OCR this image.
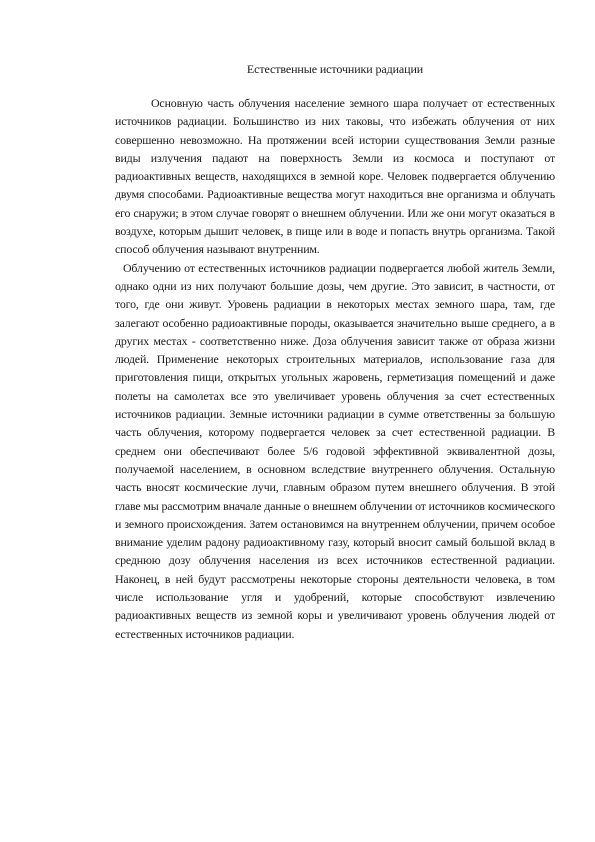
Естественные источники радиации

Основную часть облучения население земного шара получает от естественных источников радиации. Большинство из них таковы, что избежать облучения от них совершенно невозможно. На протяжении всей истории существования Земли разные виды излучения падают на поверхность Земли из космоса и поступают от радиоактивных веществ, находящихся в земной коре. Человек подвергается облучению двумя способами. Радиоактивные вещества могут находиться вне организма и облучать его снаружи; в этом случае говорят о внешнем облучении. Или же они могут оказаться в воздухе, которым дышит человек, в пище или в воде и попасть внутрь организма. Такой способ облучения называют внутренним.

Облучению от естественных источников радиации подвергается любой житель Земли, однако одни из них получают большие дозы, чем другие. Это зависит, в частности, от того, где они живут. Уровень радиации в некоторых местах земного шара, там, где залегают особенно радиоактивные породы, оказывается значительно выше среднего, а в других местах - соответственно ниже. Доза облучения зависит также от образа жизни людей. Применение некоторых строительных материалов, использование газа для приготовления пищи, открытых угольных жаровень, герметизация помещений и даже полеты на самолетах все это увеличивает уровень облучения за счет естественных источников радиации. Земные источники радиации в сумме ответственны за большую часть облучения, которому подвергается человек за счет естественной радиации. В среднем они обеспечивают более 5/6 годовой эффективной эквивалентной дозы, получаемой населением, в основном вследствие внутреннего облучения. Остальную часть вносят космические лучи, главным образом путем внешнего облучения. В этой главе мы рассмотрим вначале данные о внешнем облучении от источников космического и земного происхождения. Затем остановимся на внутреннем облучении, причем особое внимание уделим радону радиоактивному газу, который вносит самый большой вклад в среднюю дозу облучения населения из всех источников естественной радиации. Наконец, в ней будут рассмотрены некоторые стороны деятельности человека, в том числе использование угля и удобрений, которые способствуют извлечению радиоактивных веществ из земной коры и увеличивают уровень облучения людей от естественных источников радиации.
